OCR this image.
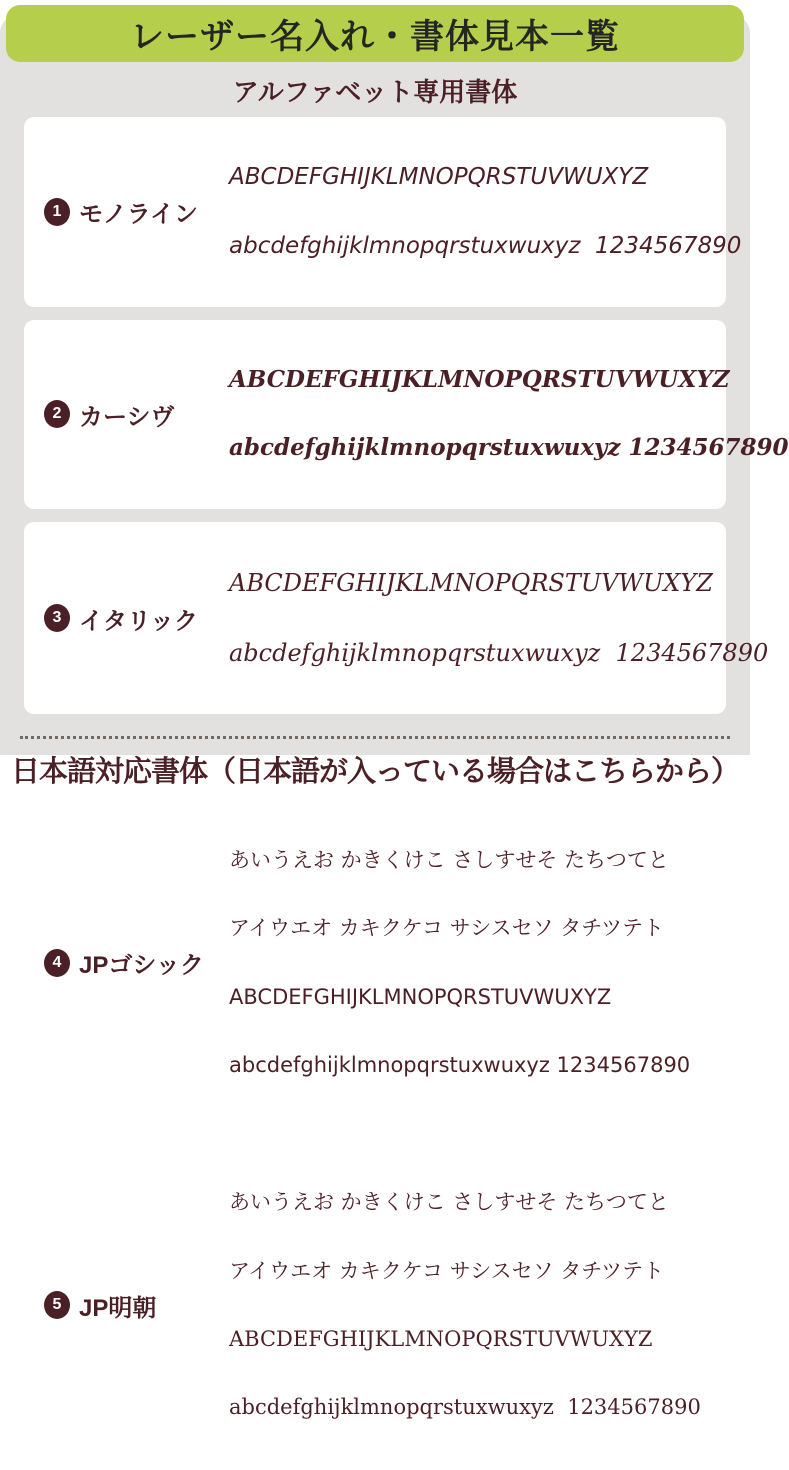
レーザー名入れ・書体見本一覧
アルファベット専用書体
1 モノライン

ABCDEFGHIJKLMNOPQRSTUVWUXYZ

abcdefghijklmnopqrstuxwuxyz  1234567890

2 カーシヴ

ABCDEFGHIJKLMNOPQRSTUVWUXYZ

abcdefghijklmnopqrstuxwuxyz 1234567890

3 イタリック

ABCDEFGHIJKLMNOPQRSTUVWUXYZ

abcdefghijklmnopqrstuxwuxyz  1234567890

日本語対応書体（日本語が入っている場合はこちらから）
4 JPゴシック

あいうえお かきくけこ さしすせそ たちつてと

アイウエオ カキクケコ サシスセソ タチツテト

ABCDEFGHIJKLMNOPQRSTUVWUXYZ

abcdefghijklmnopqrstuxwuxyz 1234567890

5 JP明朝

あいうえお かきくけこ さしすせそ たちつてと

アイウエオ カキクケコ サシスセソ タチツテト

ABCDEFGHIJKLMNOPQRSTUVWUXYZ

abcdefghijklmnopqrstuxwuxyz  1234567890
